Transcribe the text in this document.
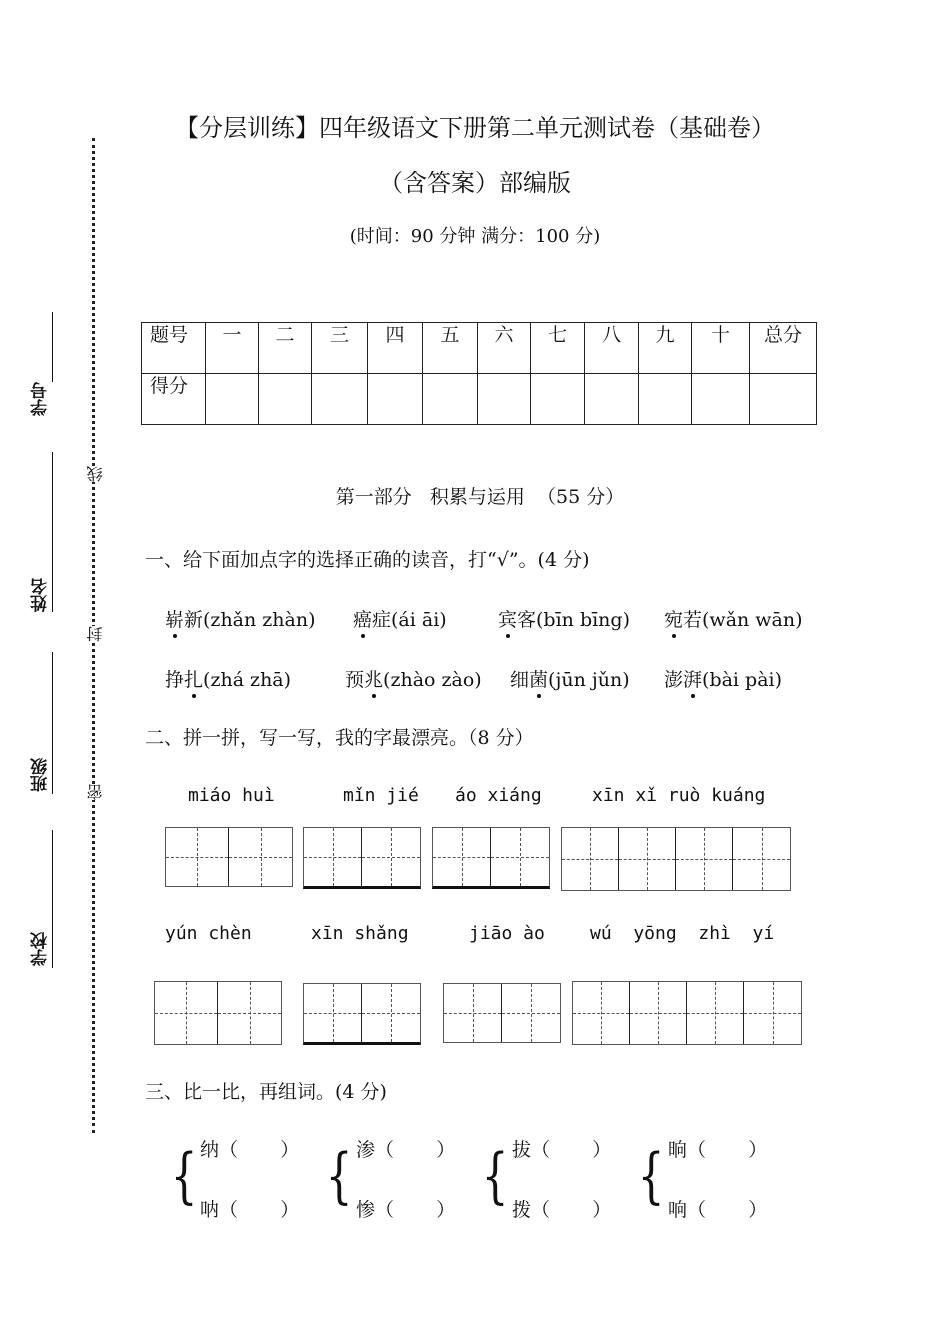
【分层训练】四年级语文下册第二单元测试卷（基础卷）
（含答案）部编版
(时间：90 分钟 满分：100 分)
学号
姓名
班级
学校
线
封
密
题号	一	二	三	四	五	六	七	八	九	十	总分
得分											
第一部分   积累与运用  （55 分）
一、给下面加点字的选择正确的读音，打“√”。(4 分)
崭新(zhǎn zhàn) 癌症(ái āi)	宾客(bīn bīng) 宛若(wǎn wān)
挣扎(zhá zhā)	预兆(zhào zào) 细菌(jūn jǔn) 澎湃(bài pài)
二、拼一拼，写一写，我的字最漂亮。（8 分）
miáo huì	mǐn jié áo xiáng	xīn xǐ ruò kuáng
yún chèn	xīn shǎng	jiāo ào	wú  yōng  zhì  yí
三、比一比，再组词。(4 分)
{ 纳（       ）
呐（       ） { 渗（       ）
惨（       ） { 拔（       ）
拨（       ） { 晌（       ）
响（       ）
